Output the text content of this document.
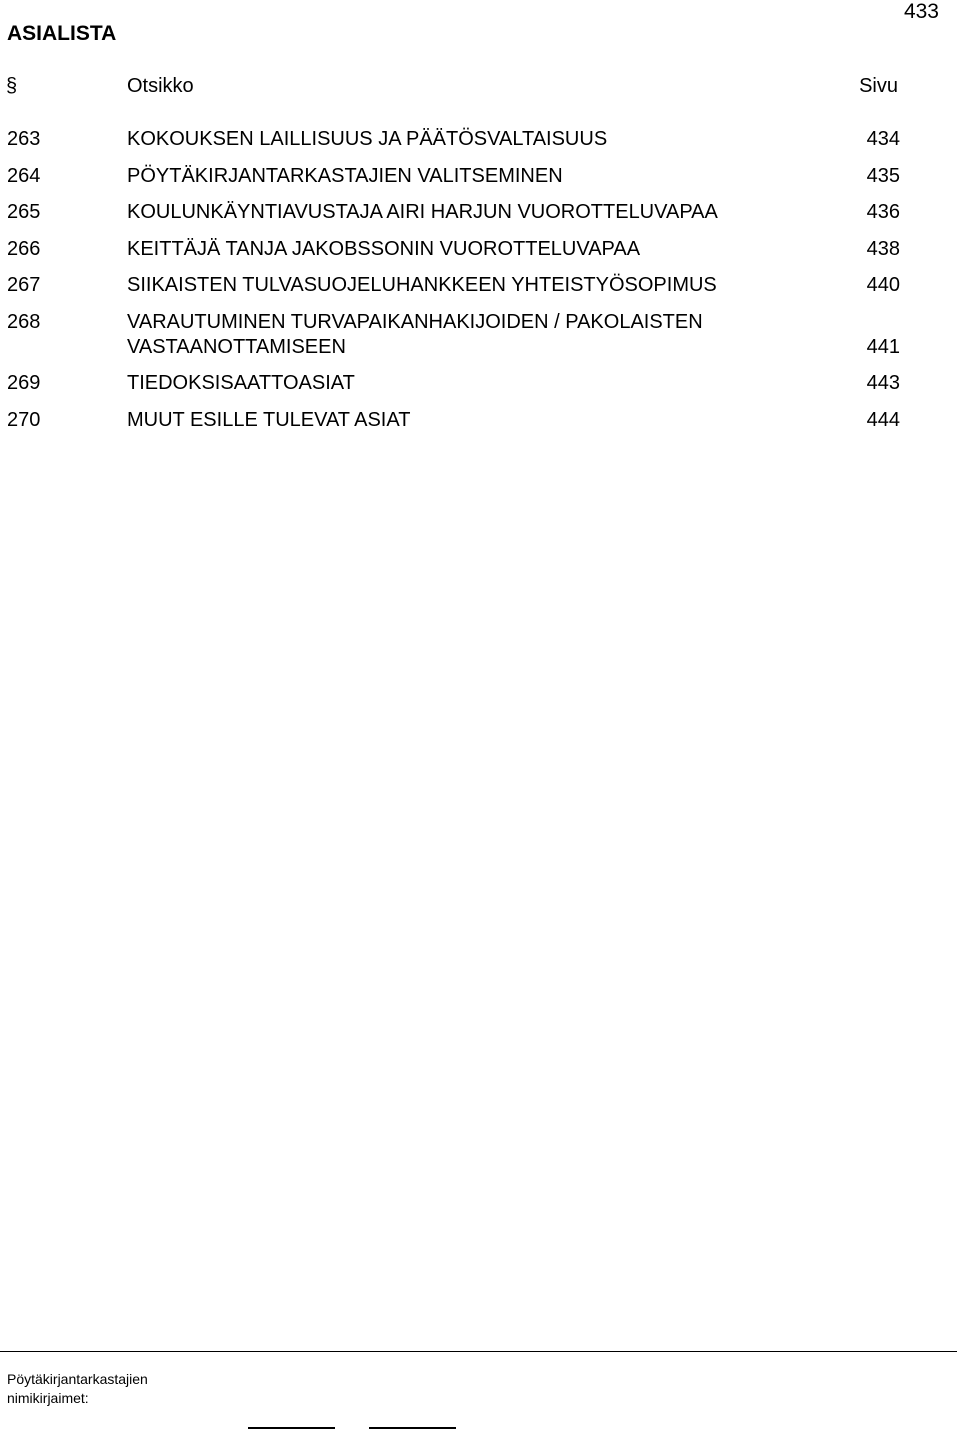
433
ASIALISTA
§	Otsikko	Sivu
263	KOKOUKSEN LAILLISUUS JA PÄÄTÖSVALTAISUUS	434
264	PÖYTÄKIRJANTARKASTAJIEN VALITSEMINEN	435
265	KOULUNKÄYNTIAVUSTAJA AIRI HARJUN VUOROTTELUVAPAA	436
266	KEITTÄJÄ TANJA JAKOBSSONIN VUOROTTELUVAPAA	438
267	SIIKAISTEN TULVASUOJELUHANKKEEN YHTEISTYÖSOPIMUS	440
268	VARAUTUMINEN TURVAPAIKANHAKIJOIDEN / PAKOLAISTEN VASTAANOTTAMISEEN	441
269	TIEDOKSISAATTOASIAT	443
270	MUUT ESILLE TULEVAT ASIAT	444
Pöytäkirjantarkastajien
nimikirjaimet:
